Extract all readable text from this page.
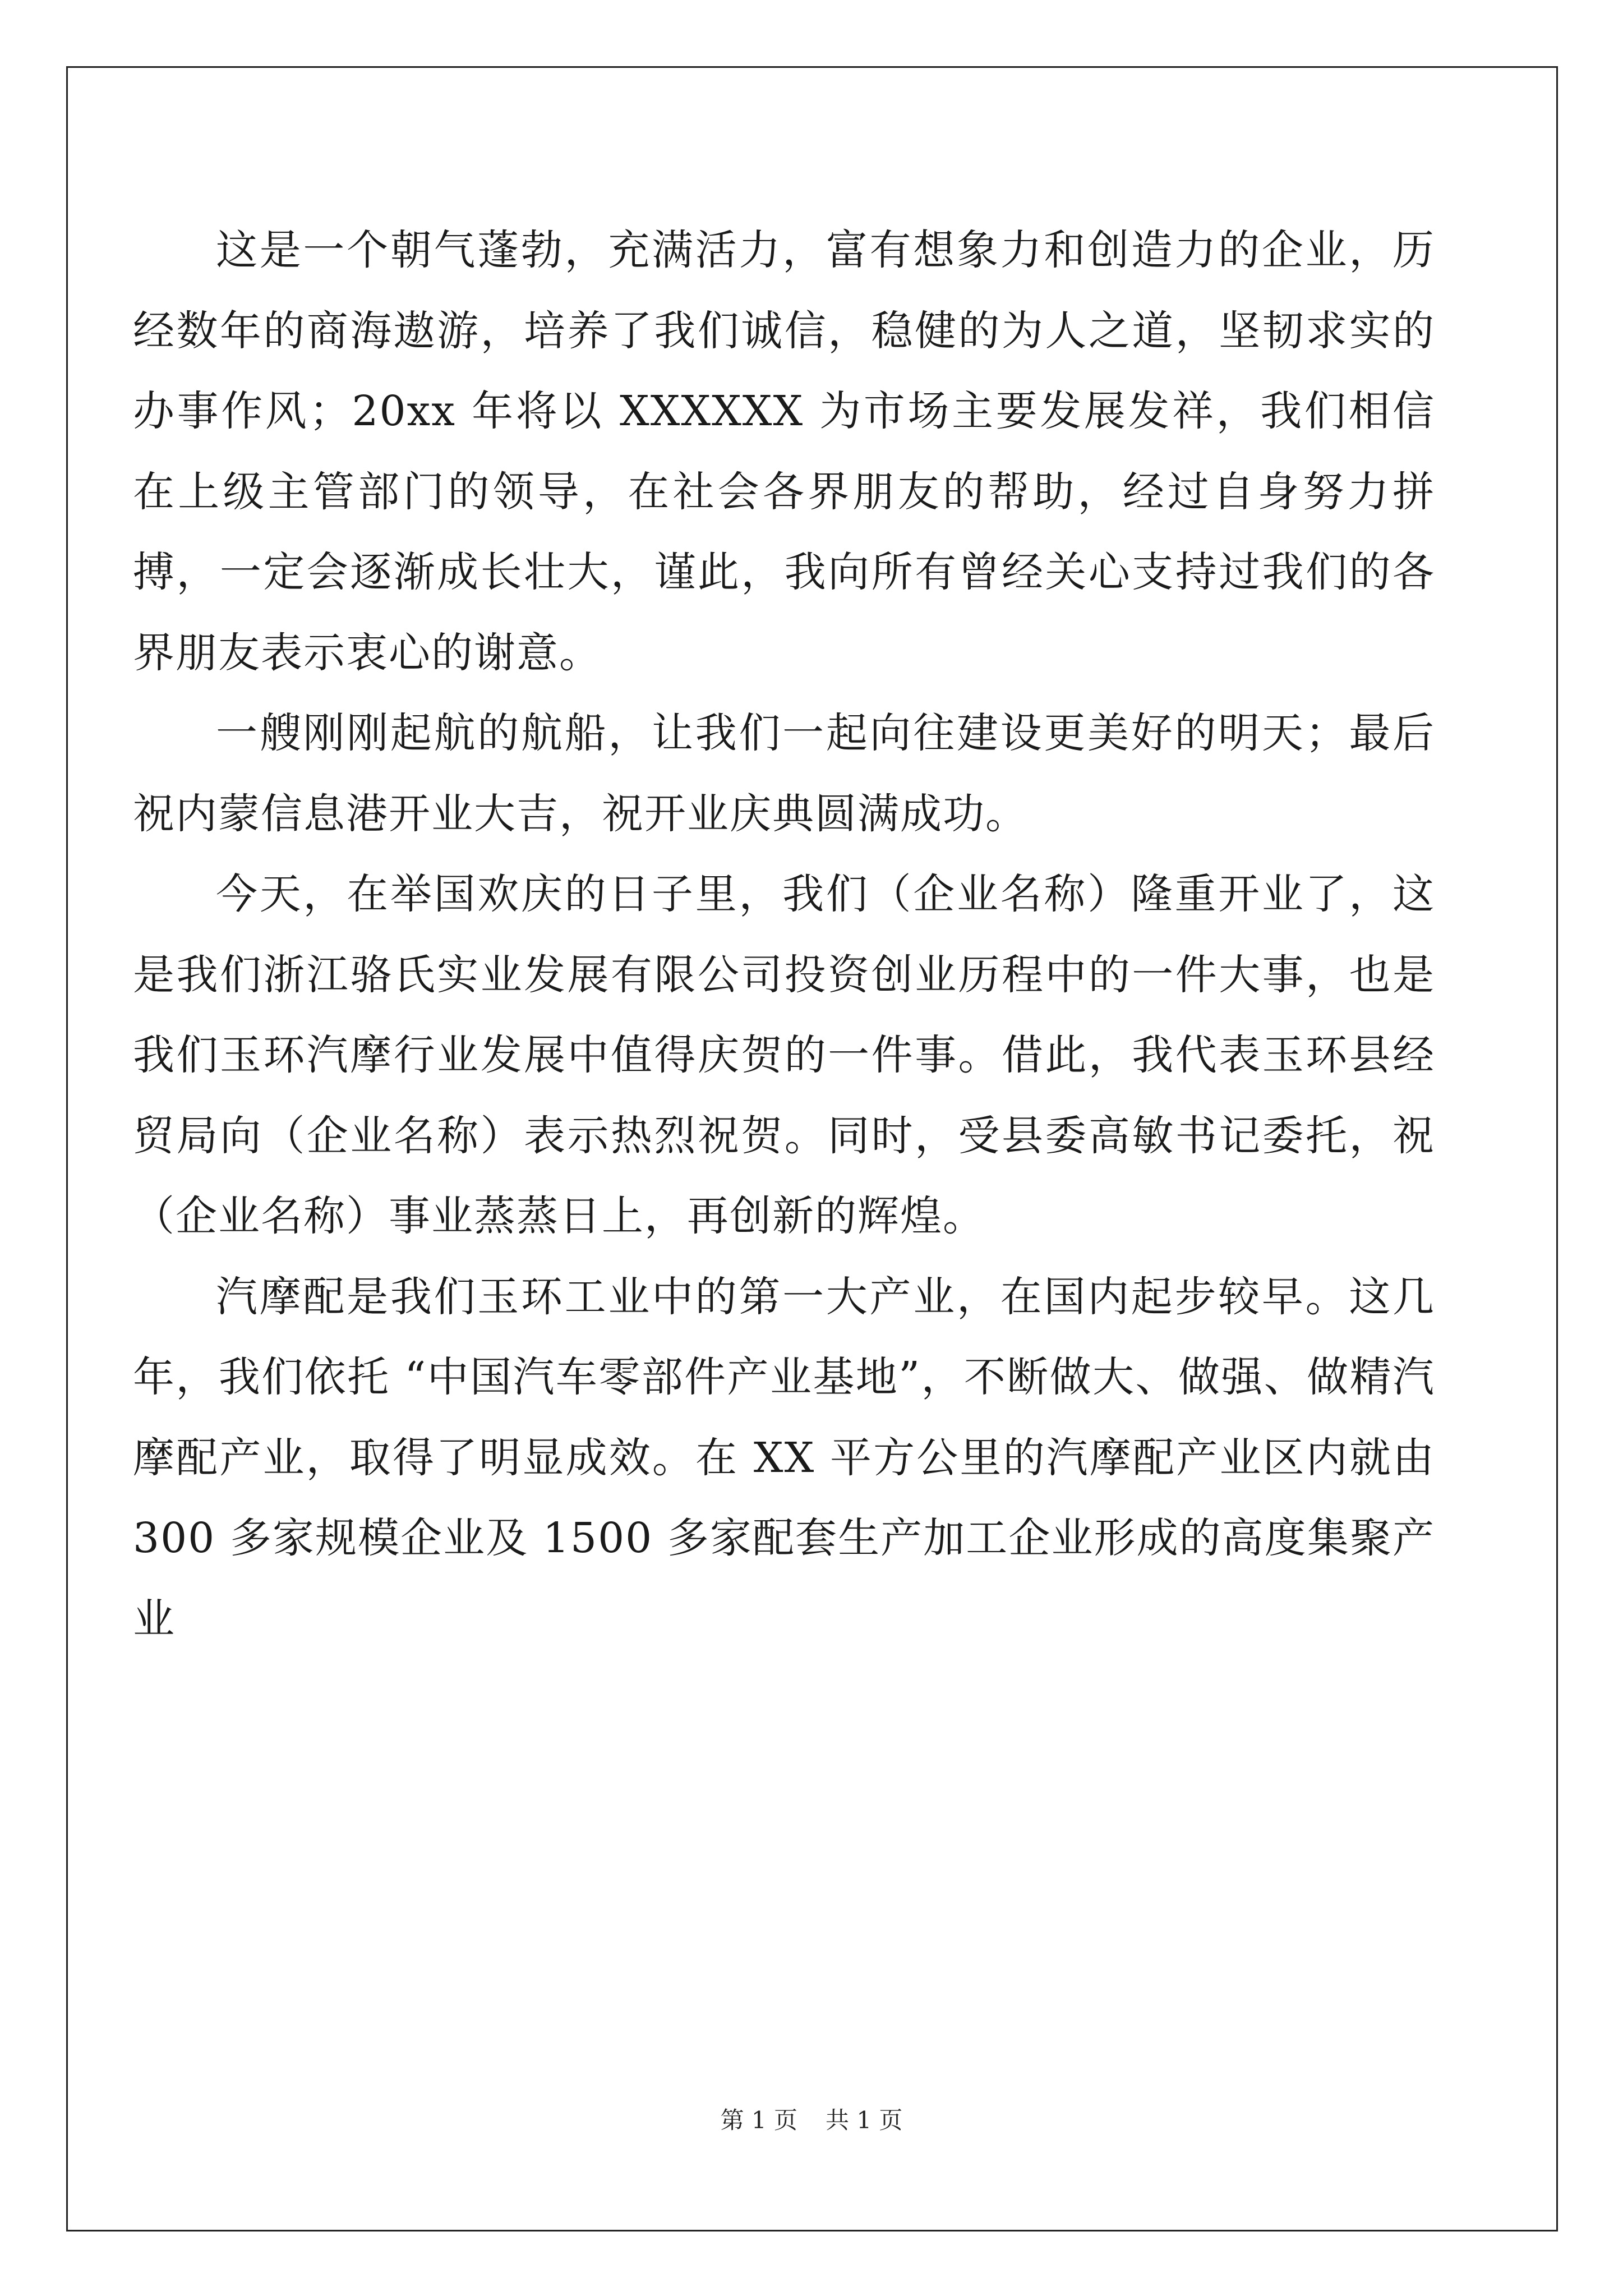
这是一个朝气蓬勃，充满活力，富有想象力和创造力的企业，历经数年的商海遨游，培养了我们诚信，稳健的为人之道，坚韧求实的办事作风；20xx 年将以 XXXXXX 为市场主要发展发祥，我们相信在上级主管部门的领导，在社会各界朋友的帮助，经过自身努力拼搏，一定会逐渐成长壮大，谨此，我向所有曾经关心支持过我们的各界朋友表示衷心的谢意。

一艘刚刚起航的航船，让我们一起向往建设更美好的明天；最后祝内蒙信息港开业大吉，祝开业庆典圆满成功。

今天，在举国欢庆的日子里，我们（企业名称）隆重开业了，这是我们浙江骆氏实业发展有限公司投资创业历程中的一件大事，也是我们玉环汽摩行业发展中值得庆贺的一件事。借此，我代表玉环县经贸局向（企业名称）表示热烈祝贺。同时，受县委高敏书记委托，祝（企业名称）事业蒸蒸日上，再创新的辉煌。

汽摩配是我们玉环工业中的第一大产业，在国内起步较早。这几年，我们依托 “中国汽车零部件产业基地”，不断做大、做强、做精汽摩配产业，取得了明显成效。在 XX 平方公里的汽摩配产业区内就由 300 多家规模企业及 1500 多家配套生产加工企业形成的高度集聚产业

第 1 页 共 1 页
